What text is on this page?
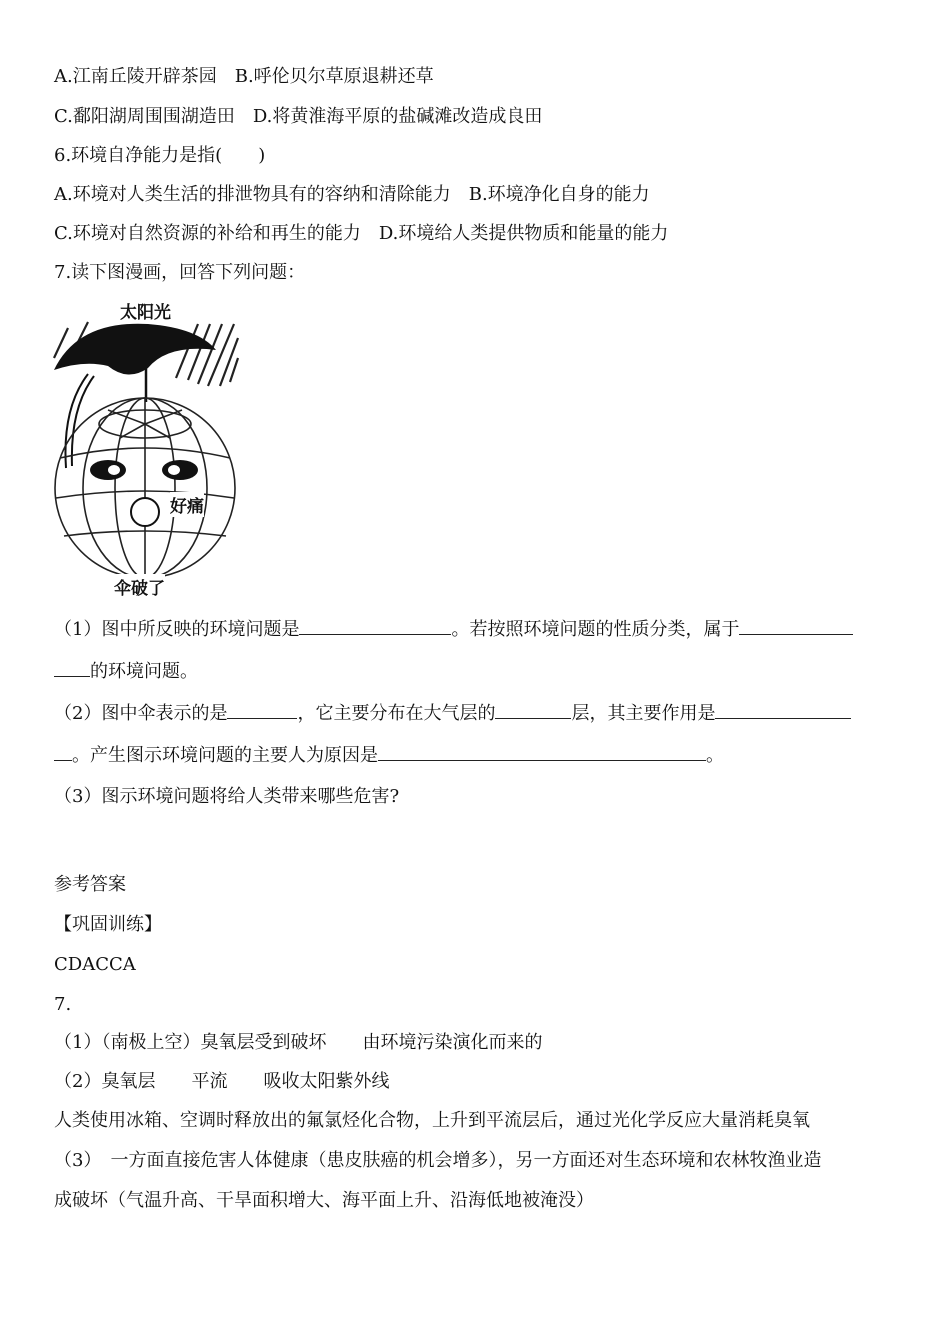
A.江南丘陵开辟茶园 B.呼伦贝尔草原退耕还草
C.鄱阳湖周围围湖造田 D.将黄淮海平原的盐碱滩改造成良田
6.环境自净能力是指(　　)
A.环境对人类生活的排泄物具有的容纳和清除能力 B.环境净化自身的能力
C.环境对自然资源的补给和再生的能力 D.环境给人类提供物质和能量的能力
7.读下图漫画，回答下列问题：
太阳光
好痛
伞破了
（1）图中所反映的环境问题是	。若按照环境问题的性质分类，属于
的环境问题。
（2）图中伞表示的是	，它主要分布在大气层的	层，其主要作用是
。产生图示环境问题的主要人为原因是	。
（3）图示环境问题将给人类带来哪些危害?
参考答案
【巩固训练】
CDACCA
7.
（1）（南极上空）臭氧层受到破坏　　由环境污染演化而来的
（2）臭氧层　　平流　　吸收太阳紫外线
人类使用冰箱、空调时释放出的氟氯烃化合物，上升到平流层后，通过光化学反应大量消耗臭氧
（3）　一方面直接危害人体健康（患皮肤癌的机会增多），另一方面还对生态环境和农林牧渔业造
成破坏（气温升高、干旱面积增大、海平面上升、沿海低地被淹没）
